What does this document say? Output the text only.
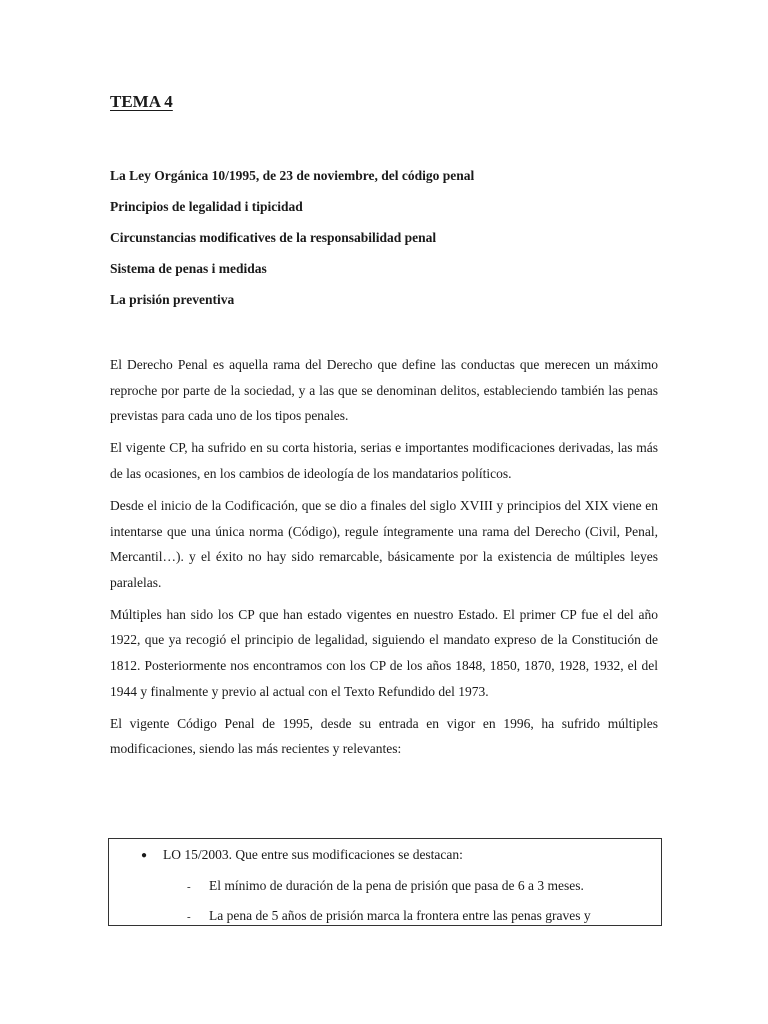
TEMA 4
La Ley Orgánica 10/1995, de 23 de noviembre, del código penal
Principios de legalidad i tipicidad
Circunstancias modificatives de la responsabilidad penal
Sistema de penas i medidas
La prisión preventiva

El Derecho Penal es aquella rama del Derecho que define las conductas que merecen un máximo reproche por parte de la sociedad, y a las que se denominan delitos, estableciendo también las penas previstas para cada uno de los tipos penales.

El vigente CP, ha sufrido en su corta historia, serias e importantes modificaciones derivadas, las más de las ocasiones, en los cambios de ideología de los mandatarios políticos.

Desde el inicio de la Codificación, que se dio a finales del siglo XVIII y principios del XIX viene en intentarse que una única norma (Código), regule íntegramente una rama del Derecho (Civil, Penal, Mercantil…). y el éxito no hay sido remarcable, básicamente por la existencia de múltiples leyes paralelas.

Múltiples han sido los CP que han estado vigentes en nuestro Estado. El primer CP fue el del año 1922, que ya recogió el principio de legalidad, siguiendo el mandato expreso de la Constitución de 1812. Posteriormente nos encontramos con los CP de los años 1848, 1850, 1870, 1928, 1932, el del 1944 y finalmente y previo al actual con el Texto Refundido del 1973.

El vigente Código Penal de 1995, desde su entrada en vigor en 1996, ha sufrido múltiples modificaciones, siendo las más recientes y relevantes:

● LO 15/2003. Que entre sus modificaciones se destacan:
- El mínimo de duración de la pena de prisión que pasa de 6 a 3 meses.
- La pena de 5 años de prisión marca la frontera entre las penas graves y
